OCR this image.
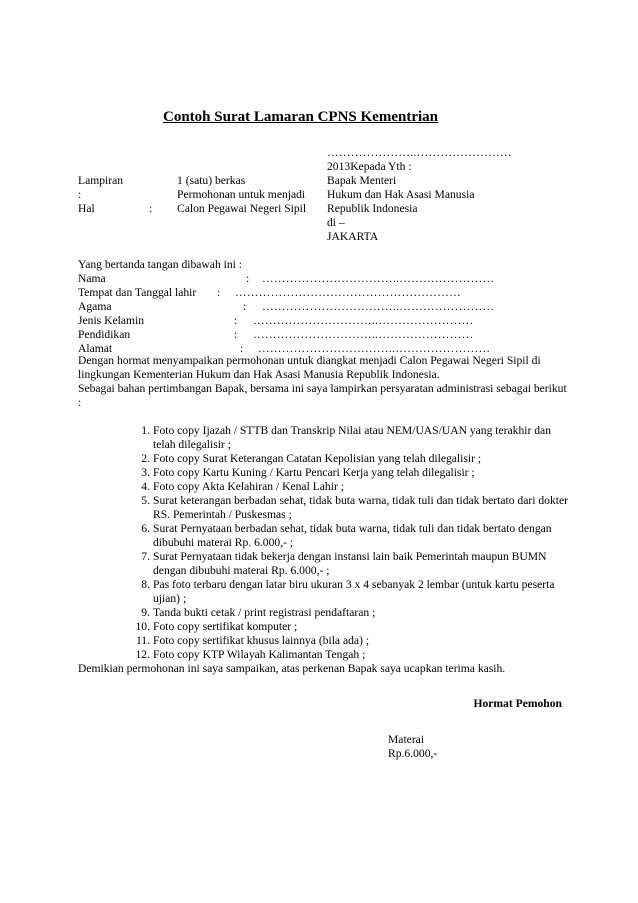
Contoh Surat Lamaran CPNS Kementrian
…………………..……………………
2013Kepada Yth :
Bapak Menteri
Hukum dan Hak Asasi Manusia
Republik Indonesia
di –
JAKARTA
Lampiran	1 (satu) berkas
:	Permohonan untuk menjadi
Hal	: Calon Pegawai Negeri Sipil
Yang bertanda tangan dibawah ini :
Nama	: ……………………………..……………………
Tempat dan Tanggal lahir : …………………………………………………
Agama	: ……………………………..……………………
Jenis Kelamin	: …………………………..……………………
Pendidikan	: …………………………..……………………
Alamat	: ……………………………..……………………
Dengan hormat menyampaikan permohonan untuk diangkat menjadi Calon Pegawai Negeri Sipil di lingkungan Kementerian Hukum dan Hak Asasi Manusia Republik Indonesia.
Sebagai bahan pertimbangan Bapak, bersama ini saya lampirkan persyaratan administrasi sebagai berikut :
1. Foto copy Ijazah / STTB dan Transkrip Nilai atau NEM/UAS/UAN yang terakhir dan telah dilegalisir ;
2. Foto copy Surat Keterangan Catatan Kepolisian yang telah dilegalisir ;
3. Foto copy Kartu Kuning / Kartu Pencari Kerja yang telah dilegalisir ;
4. Foto copy Akta Kelahiran / Kenal Lahir ;
5. Surat keterangan berbadan sehat, tidak buta warna, tidak tuli dan tidak bertato dari dokter RS. Pemerintah / Puskesmas ;
6. Surat Pernyataan berbadan sehat, tidak buta warna, tidak tuli dan tidak bertato dengan dibubuhi materai Rp. 6.000,- ;
7. Surat Pernyataan tidak bekerja dengan instansi lain baik Pemerintah maupun BUMN dengan dibubuhi materai Rp. 6.000,- ;
8. Pas foto terbaru dengan latar biru ukuran 3 x 4 sebanyak 2 lembar (untuk kartu peserta ujian) ;
9. Tanda bukti cetak / print registrasi pendaftaran ;
10. Foto copy sertifikat komputer ;
11. Foto copy sertifikat khusus lainnya (bila ada) ;
12. Foto copy KTP Wilayah Kalimantan Tengah ;
Demikian permohonan ini saya sampaikan, atas perkenan Bapak saya ucapkan terima kasih.
Hormat Pemohon
Materai
Rp.6.000,-
